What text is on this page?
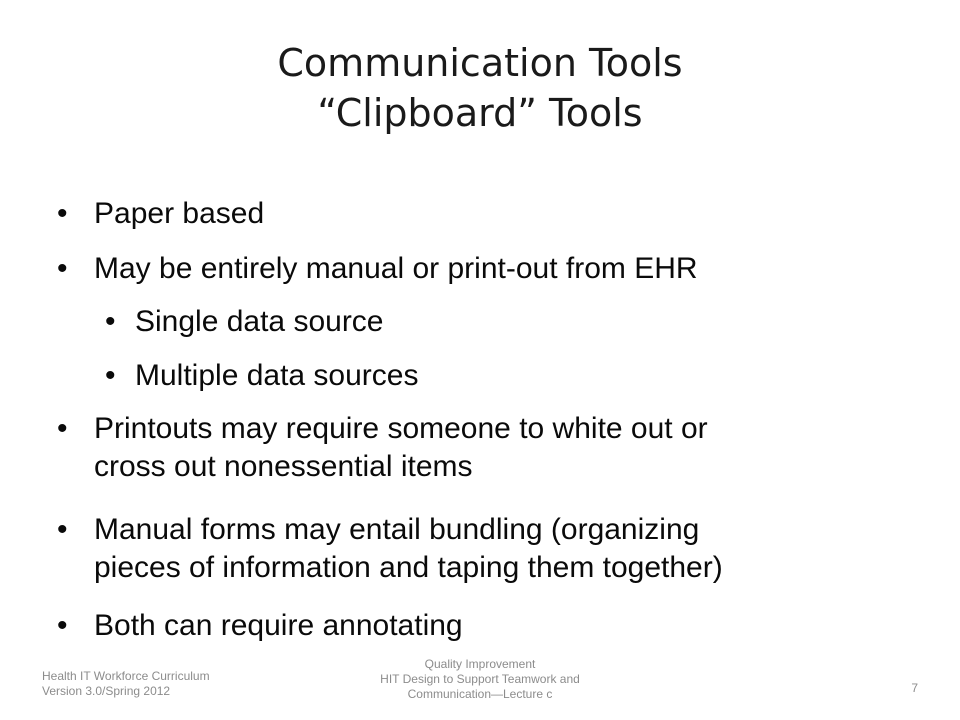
Communication Tools
“Clipboard” Tools
• Paper based
• May be entirely manual or print-out from EHR
• Single data source
• Multiple data sources
• Printouts may require someone to white out or
cross out nonessential items
• Manual forms may entail bundling (organizing
pieces of information and taping them together)
• Both can require annotating
Health IT Workforce Curriculum
Version 3.0/Spring 2012
Quality Improvement
HIT Design to Support Teamwork and
Communication—Lecture c	7
